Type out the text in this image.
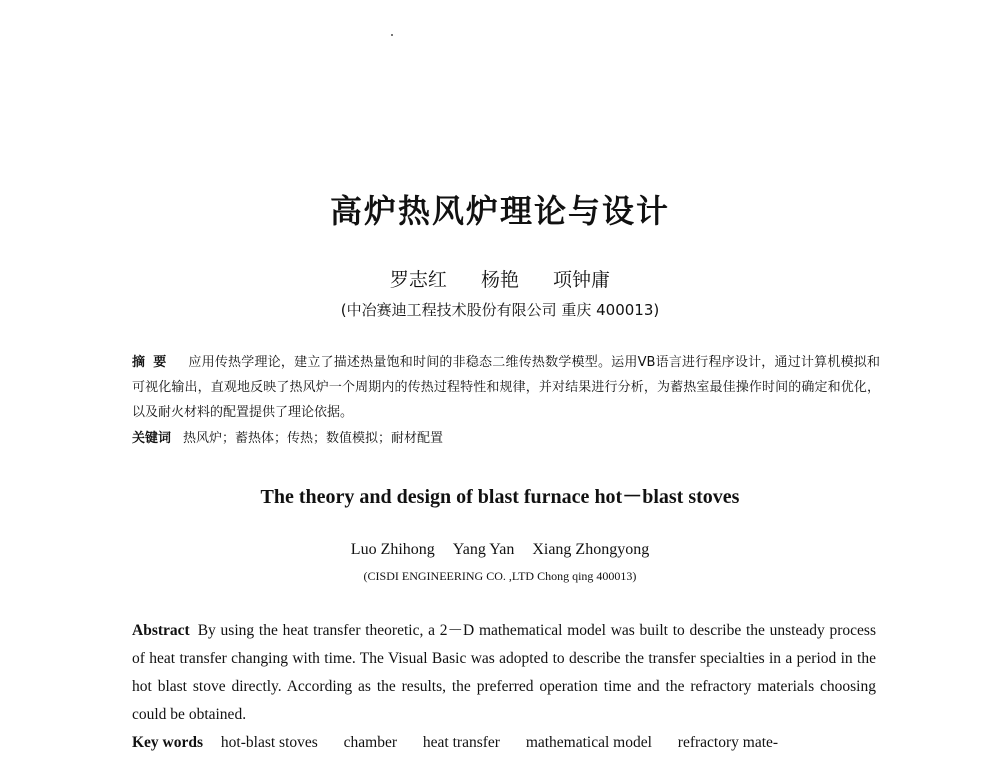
高炉热风炉理论与设计
罗志红 杨艳 项钟庸
(中冶赛迪工程技术股份有限公司 重庆 400013)
摘要 应用传热学理论，建立了描述热量饱和时间的非稳态二维传热数学模型。运用VB语言进行程序设计，通过计算机模拟和可视化输出，直观地反映了热风炉一个周期内的传热过程特性和规律，并对结果进行分析，为蓄热室最佳操作时间的确定和优化，以及耐火材料的配置提供了理论依据。
关键词 热风炉；蓄热体；传热；数值模拟；耐材配置
The theory and design of blast furnace hot－blast stoves
Luo Zhihong Yang Yan Xiang Zhongyong
(CISDI ENGINEERING CO. ,LTD Chong qing 400013)
Abstract By using the heat transfer theoretic, a 2－D mathematical model was built to describe the unsteady process of heat transfer changing with time. The Visual Basic was adopted to describe the transfer specialties in a period in the hot blast stove directly. According as the results, the preferred operation time and the refractory materials choosing could be obtained.
Key words hot-blast stoves chamber heat transfer mathematical model refractory mate-
